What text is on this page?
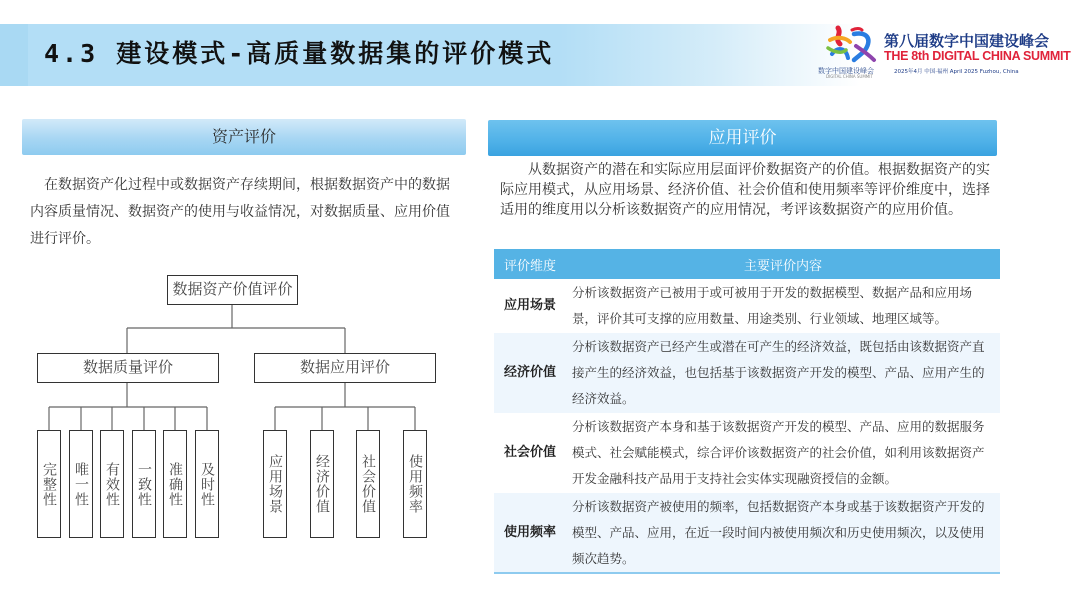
4.3 建设模式-高质量数据集的评价模式
数字中国建设峰会
DIGITAL CHINA SUMMIT
第八届数字中国建设峰会
THE 8th DIGITAL CHINA SUMMIT
2025年4月 中国·福州 April 2025 Fuzhou, China
资产评价
　在数据资产化过程中或数据资产存续期间，根据数据资产中的数据内容质量情况、数据资产的使用与收益情况，对数据质量、应用价值进行评价。
数据资产价值评价
数据质量评价	数据应用评价
完整性 唯一性 有效性 一致性 准确性 及时性	应用场景 经济价值 社会价值 使用频率
应用评价
　　从数据资产的潜在和实际应用层面评价数据资产的价值。根据数据资产的实际应用模式，从应用场景、经济价值、社会价值和使用频率等评价维度中，选择适用的维度用以分析该数据资产的应用情况，考评该数据资产的应用价值。
评价维度	主要评价内容
应用场景	分析该数据资产已被用于或可被用于开发的数据模型、数据产品和应用场景，评价其可支撑的应用数量、用途类别、行业领域、地理区域等。
经济价值	分析该数据资产已经产生或潜在可产生的经济效益，既包括由该数据资产直接产生的经济效益，也包括基于该数据资产开发的模型、产品、应用产生的经济效益。
社会价值	分析该数据资产本身和基于该数据资产开发的模型、产品、应用的数据服务模式、社会赋能模式，综合评价该数据资产的社会价值，如利用该数据资产开发金融科技产品用于支持社会实体实现融资授信的金额。
使用频率	分析该数据资产被使用的频率，包括数据资产本身或基于该数据资产开发的模型、产品、应用，在近一段时间内被使用频次和历史使用频次，以及使用频次趋势。
